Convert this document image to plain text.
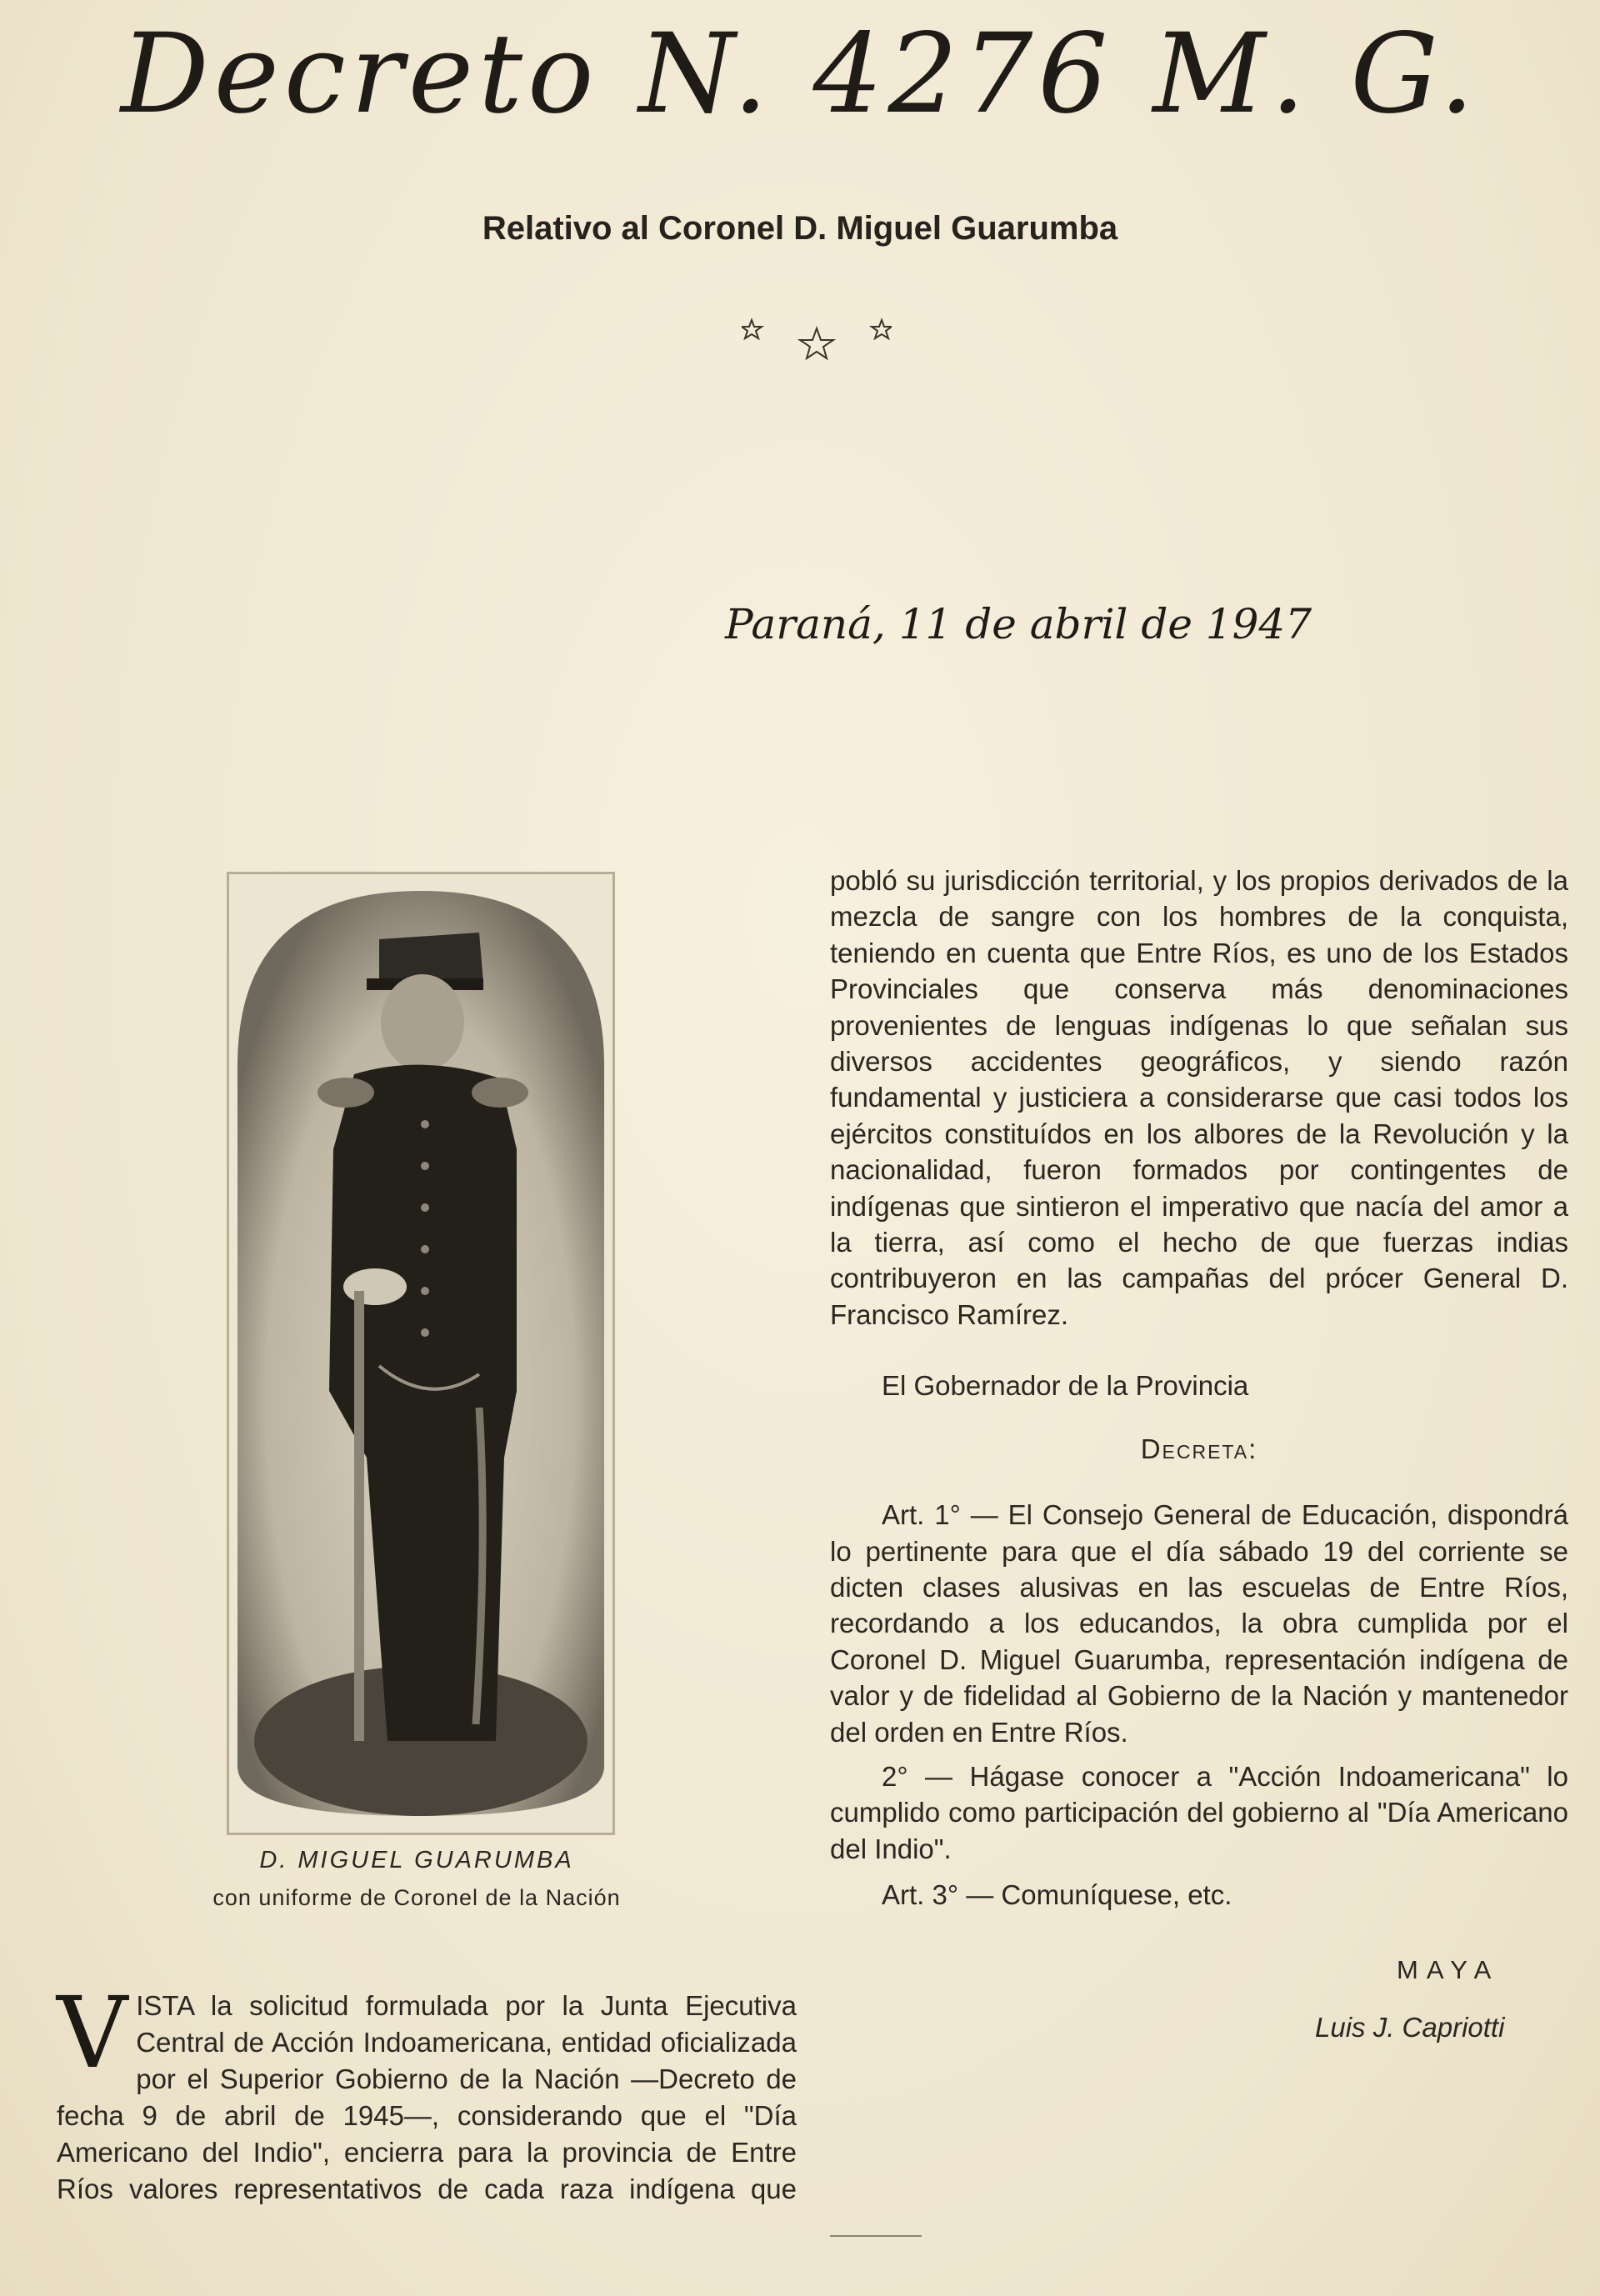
Decreto N. 4276 M. G.
Relativo al Coronel D. Miguel Guarumba
Paraná, 11 de abril de 1947
D. MIGUEL GUARUMBA
con uniforme de Coronel de la Nación
VISTA la solicitud formulada por la Junta Ejecutiva Central de Acción Indoamericana, entidad oficializada por el Superior Gobierno de la Nación —Decreto de fecha 9 de abril de 1945—, considerando que el "Día Americano del Indio", encierra para la provincia de Entre Ríos valores representativos de cada raza indígena que

pobló su jurisdicción territorial, y los propios derivados de la mezcla de sangre con los hombres de la conquista, teniendo en cuenta que Entre Ríos, es uno de los Estados Provinciales que conserva más denominaciones provenientes de lenguas indígenas lo que señalan sus diversos accidentes geográficos, y siendo razón fundamental y justiciera a considerarse que casi todos los ejércitos constituídos en los albores de la Revolución y la nacionalidad, fueron formados por contingentes de indígenas que sintieron el imperativo que nacía del amor a la tierra, así como el hecho de que fuerzas indias contribuyeron en las campañas del prócer General D. Francisco Ramírez.

El Gobernador de la Provincia
Decreta:

Art. 1° — El Consejo General de Educación, dispondrá lo pertinente para que el día sábado 19 del corriente se dicten clases alusivas en las escuelas de Entre Ríos, recordando a los educandos, la obra cumplida por el Coronel D. Miguel Guarumba, representación indígena de valor y de fidelidad al Gobierno de la Nación y mantenedor del orden en Entre Ríos.

2° — Hágase conocer a "Acción Indoamericana" lo cumplido como participación del gobierno al "Día Americano del Indio".

Art. 3° — Comuníquese, etc.
MAYA
Luis J. Capriotti
